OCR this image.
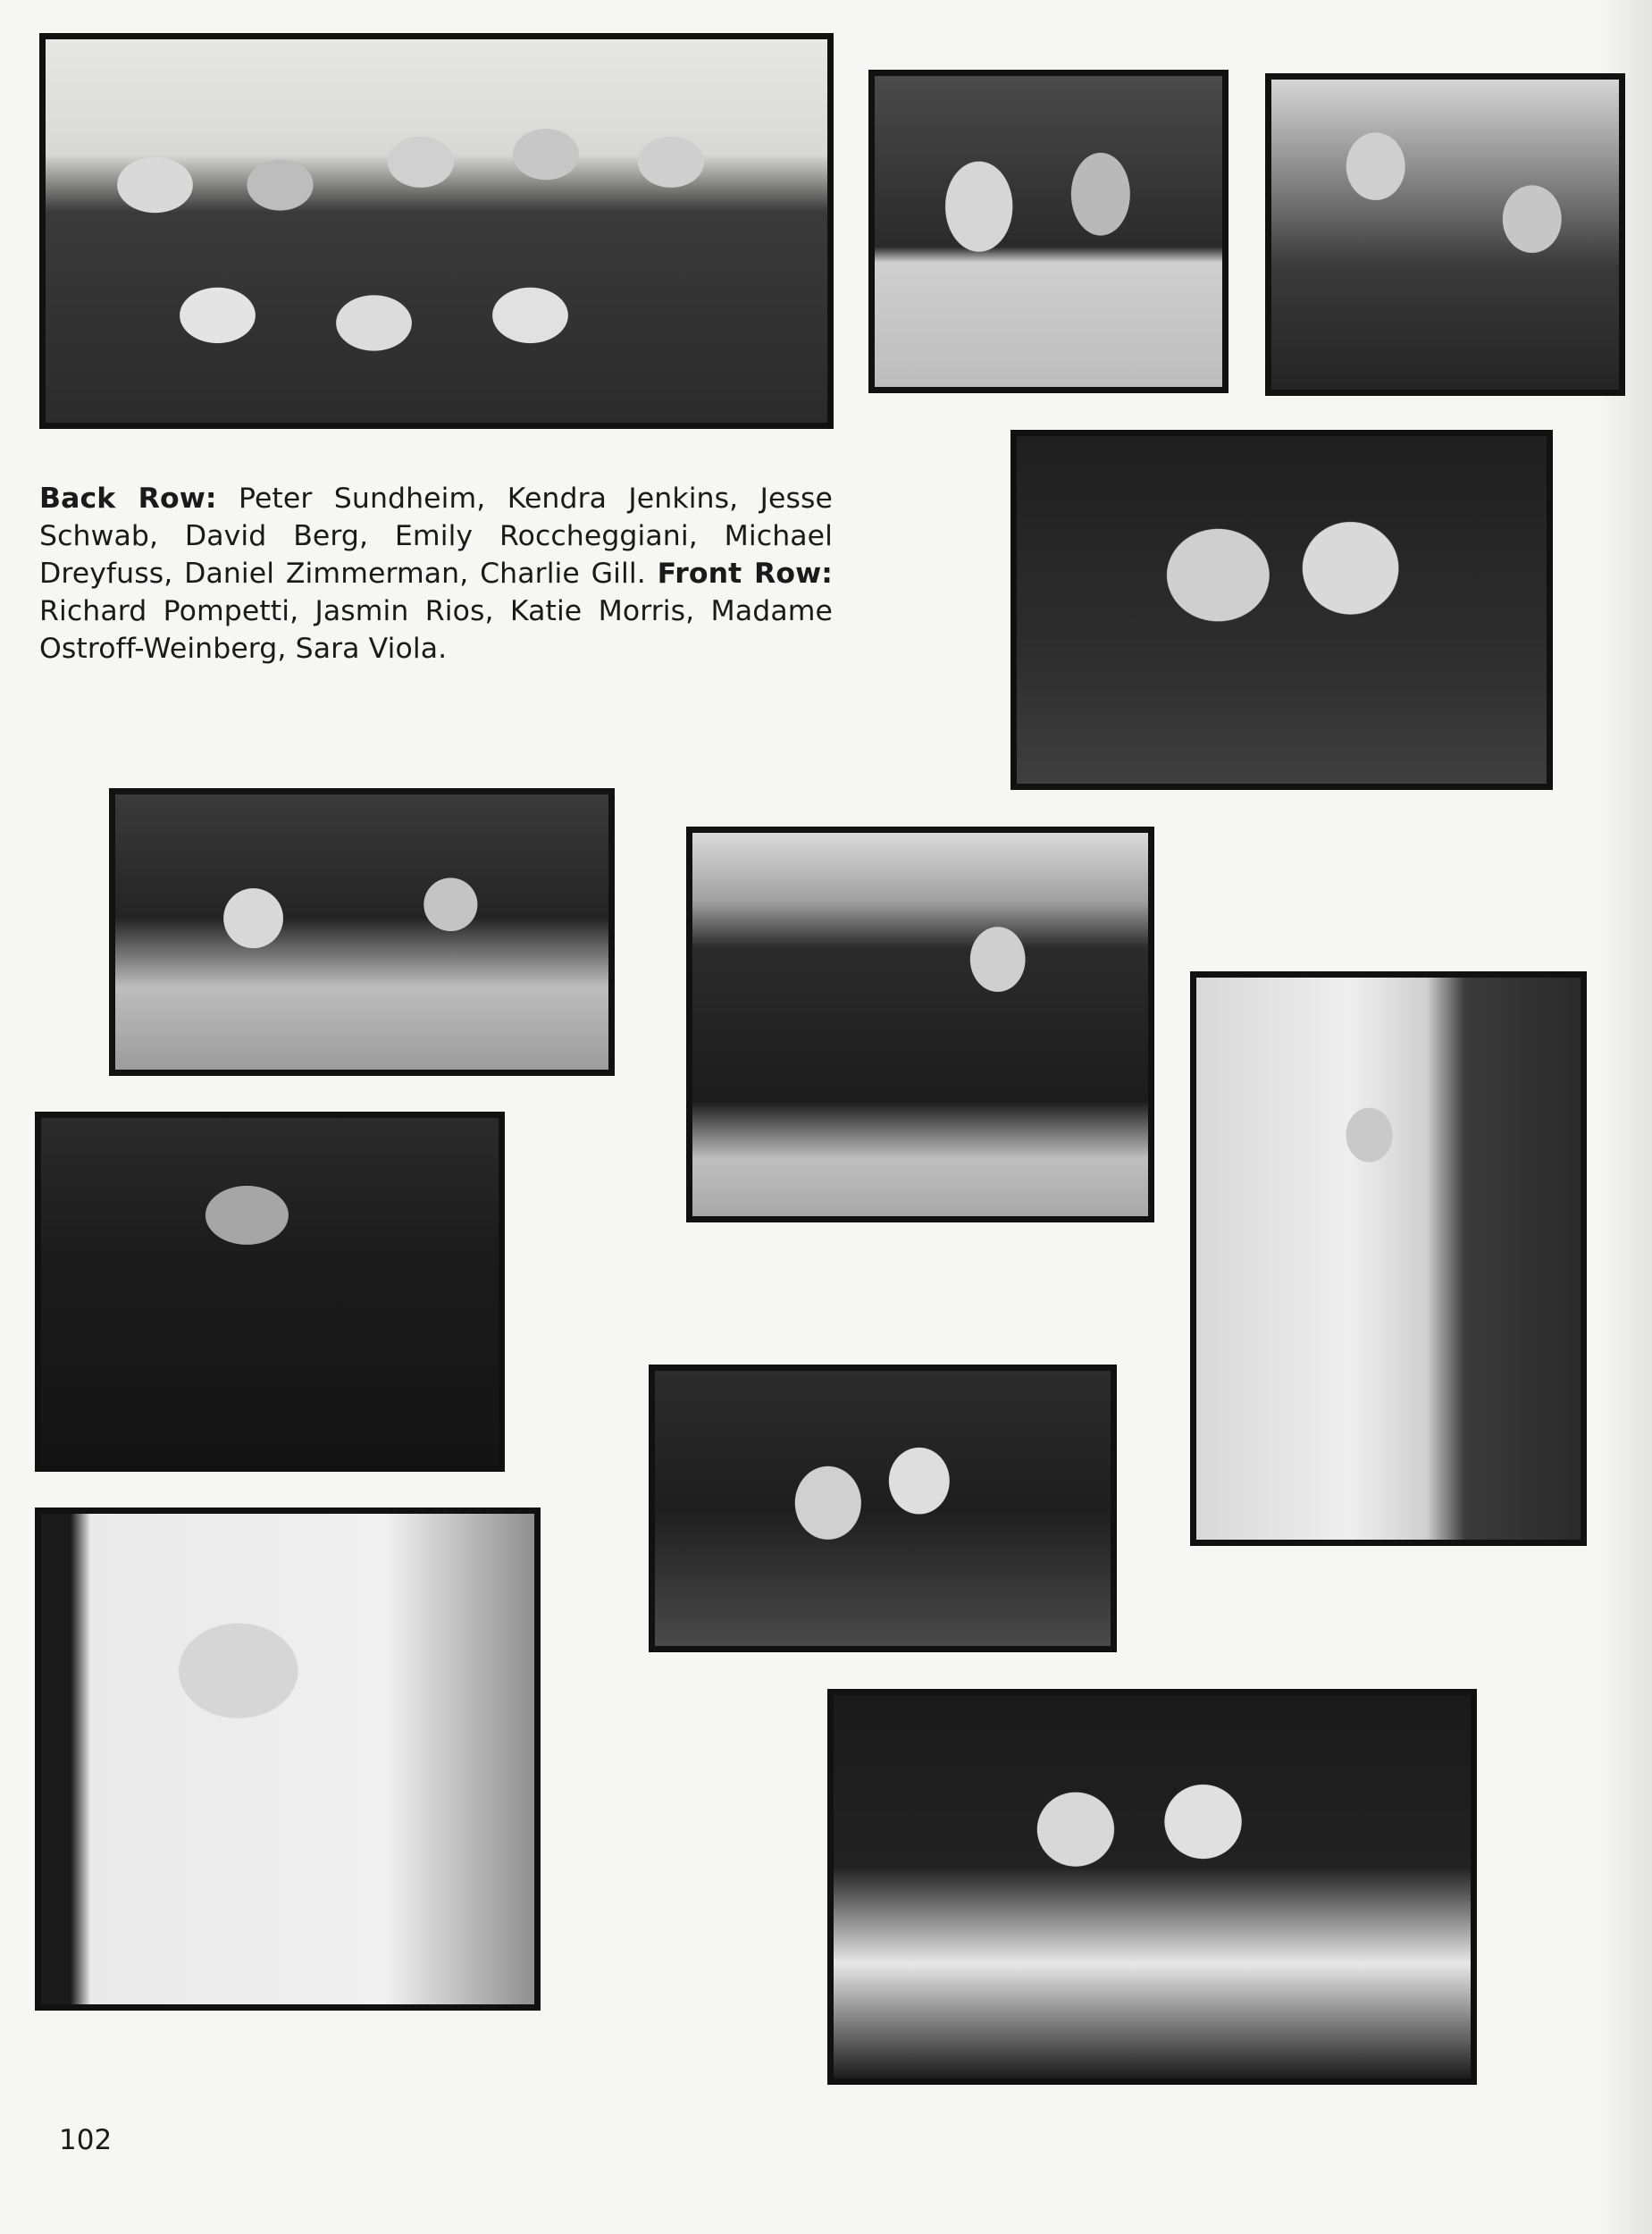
Back Row: Peter Sundheim, Kendra Jenkins, Jesse Schwab, David Berg, Emily Roccheggiani, Michael Dreyfuss, Daniel Zimmerman, Charlie Gill. Front Row: Richard Pompetti, Jasmin Rios, Katie Morris, Madame Ostroff-Weinberg, Sara Viola.

102
